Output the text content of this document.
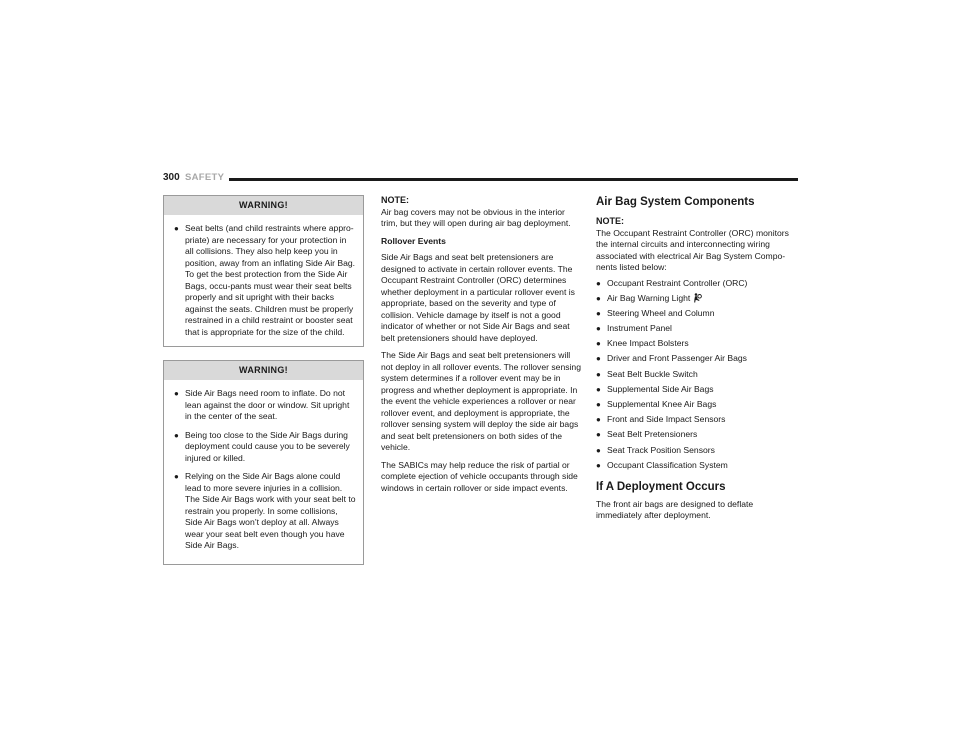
300 SAFETY
WARNING!
● Seat belts (and child restraints where appro-priate) are necessary for your protection in all collisions. They also help keep you in position, away from an inflating Side Air Bag. To get the best protection from the Side Air Bags, occu-pants must wear their seat belts properly and sit upright with their backs against the seats. Children must be properly restrained in a child restraint or booster seat that is appropriate for the size of the child.
WARNING!
● Side Air Bags need room to inflate. Do not lean against the door or window. Sit upright in the center of the seat.
● Being too close to the Side Air Bags during deployment could cause you to be severely injured or killed.
● Relying on the Side Air Bags alone could lead to more severe injuries in a collision. The Side Air Bags work with your seat belt to restrain you properly. In some collisions, Side Air Bags won’t deploy at all. Always wear your seat belt even though you have Side Air Bags.

NOTE:

Air bag covers may not be obvious in the interior trim, but they will open during air bag deployment.

Rollover Events

Side Air Bags and seat belt pretensioners are designed to activate in certain rollover events. The Occupant Restraint Controller (ORC) determines whether deployment in a particular rollover event is appropriate, based on the severity and type of collision. Vehicle damage by itself is not a good indicator of whether or not Side Air Bags and seat belt pretensioners should have deployed.

The Side Air Bags and seat belt pretensioners will not deploy in all rollover events. The rollover sensing system determines if a rollover event may be in progress and whether deployment is appropriate. In the event the vehicle experiences a rollover or near rollover event, and deployment is appropriate, the rollover sensing system will deploy the side air bags and seat belt pretensioners on both sides of the vehicle.

The SABICs may help reduce the risk of partial or complete ejection of vehicle occupants through side windows in certain rollover or side impact events.

Air Bag System Components

NOTE:

The Occupant Restraint Controller (ORC) monitors the internal circuits and interconnecting wiring associated with electrical Air Bag System Compo-nents listed below:

● Occupant Restraint Controller (ORC)
● Air Bag Warning Light
● Steering Wheel and Column
● Instrument Panel
● Knee Impact Bolsters
● Driver and Front Passenger Air Bags
● Seat Belt Buckle Switch
● Supplemental Side Air Bags
● Supplemental Knee Air Bags
● Front and Side Impact Sensors
● Seat Belt Pretensioners
● Seat Track Position Sensors
● Occupant Classification System

If A Deployment Occurs

The front air bags are designed to deflate immediately after deployment.
